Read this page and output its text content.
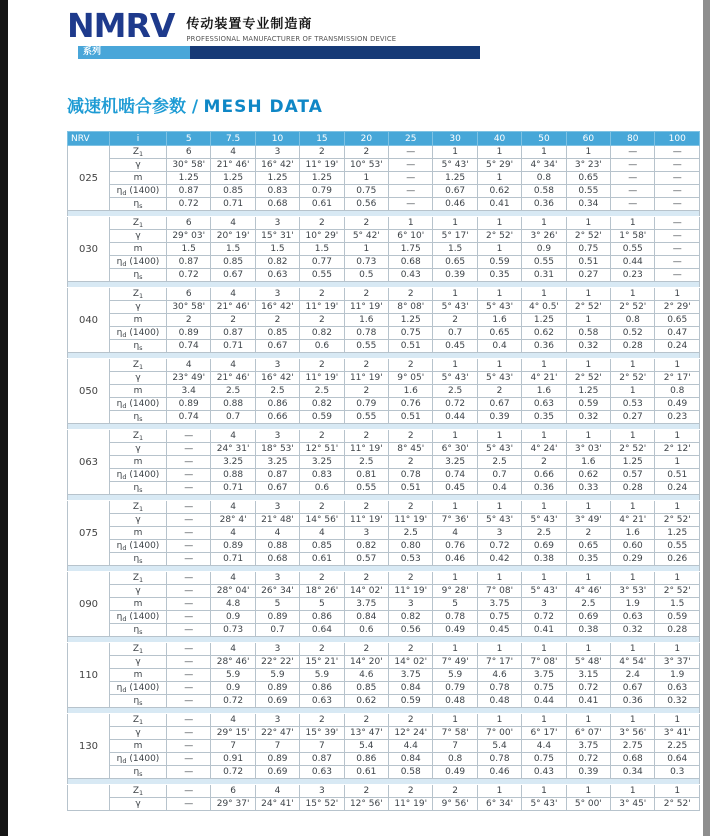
NMRV 传动装置专业制造商
PROFESSIONAL MANUFACTURER OF TRANSMISSION DEVICE
系列
减速机啮合参数 / MESH DATA
NRV	i	5	7.5	10	15	20	25	30	40	50	60	80	100
025	$Z_1$	6	4	3	2	2	—	1	1	1	1	—	—
	γ	30° 58'	21° 46'	16° 42'	11° 19'	10° 53'	—	5° 43'	5° 29'	4° 34'	3° 23'	—	—
	m	1.25	1.25	1.25	1.25	1	—	1.25	1	0.8	0.65	—	—
	$\eta_d$ (1400)	0.87	0.85	0.83	0.79	0.75	—	0.67	0.62	0.58	0.55	—	—
	$\eta_s$	0.72	0.71	0.68	0.61	0.56	—	0.46	0.41	0.36	0.34	—	—

030	$Z_1$	6	4	3	2	2	1	1	1	1	1	1	—
	γ	29° 03'	20° 19'	15° 31'	10° 29'	5° 42'	6° 10'	5° 17'	2° 52'	3° 26'	2° 52'	1° 58'	—
	m	1.5	1.5	1.5	1.5	1	1.75	1.5	1	0.9	0.75	0.55	—
	$\eta_d$ (1400)	0.87	0.85	0.82	0.77	0.73	0.68	0.65	0.59	0.55	0.51	0.44	—
	$\eta_s$	0.72	0.67	0.63	0.55	0.5	0.43	0.39	0.35	0.31	0.27	0.23	—

040	$Z_1$	6	4	3	2	2	2	1	1	1	1	1	1
	γ	30° 58'	21° 46'	16° 42'	11° 19'	11° 19'	8° 08'	5° 43'	5° 43'	4° 0.5'	2° 52'	2° 52'	2° 29'
	m	2	2	2	2	1.6	1.25	2	1.6	1.25	1	0.8	0.65
	$\eta_d$ (1400)	0.89	0.87	0.85	0.82	0.78	0.75	0.7	0.65	0.62	0.58	0.52	0.47
	$\eta_s$	0.74	0.71	0.67	0.6	0.55	0.51	0.45	0.4	0.36	0.32	0.28	0.24

050	$Z_1$	4	4	3	2	2	2	1	1	1	1	1	1
	γ	23° 49'	21° 46'	16° 42'	11° 19'	11° 19'	9° 05'	5° 43'	5° 43'	4° 21'	2° 52'	2° 52'	2° 17'
	m	3.4	2.5	2.5	2.5	2	1.6	2.5	2	1.6	1.25	1	0.8
	$\eta_d$ (1400)	0.89	0.88	0.86	0.82	0.79	0.76	0.72	0.67	0.63	0.59	0.53	0.49
	$\eta_s$	0.74	0.7	0.66	0.59	0.55	0.51	0.44	0.39	0.35	0.32	0.27	0.23

063	$Z_1$	—	4	3	2	2	2	1	1	1	1	1	1
	γ	—	24° 31'	18° 53'	12° 51'	11° 19'	8° 45'	6° 30'	5° 43'	4° 24'	3° 03'	2° 52'	2° 12'
	m	—	3.25	3.25	3.25	2.5	2	3.25	2.5	2	1.6	1.25	1
	$\eta_d$ (1400)	—	0.88	0.87	0.83	0.81	0.78	0.74	0.7	0.66	0.62	0.57	0.51
	$\eta_s$	—	0.71	0.67	0.6	0.55	0.51	0.45	0.4	0.36	0.33	0.28	0.24

075	$Z_1$	—	4	3	2	2	2	1	1	1	1	1	1
	γ	—	28° 4'	21° 48'	14° 56'	11° 19'	11° 19'	7° 36'	5° 43'	5° 43'	3° 49'	4° 21'	2° 52'
	m	—	4	4	4	3	2.5	4	3	2.5	2	1.6	1.25
	$\eta_d$ (1400)	—	0.89	0.88	0.85	0.82	0.80	0.76	0.72	0.69	0.65	0.60	0.55
	$\eta_s$	—	0.71	0.68	0.61	0.57	0.53	0.46	0.42	0.38	0.35	0.29	0.26

090	$Z_1$	—	4	3	2	2	2	1	1	1	1	1	1
	γ	—	28° 04'	26° 34'	18° 26'	14° 02'	11° 19'	9° 28'	7° 08'	5° 43'	4° 46'	3° 53'	2° 52'
	m	—	4.8	5	5	3.75	3	5	3.75	3	2.5	1.9	1.5
	$\eta_d$ (1400)	—	0.9	0.89	0.86	0.84	0.82	0.78	0.75	0.72	0.69	0.63	0.59
	$\eta_s$	—	0.73	0.7	0.64	0.6	0.56	0.49	0.45	0.41	0.38	0.32	0.28

110	$Z_1$	—	4	3	2	2	2	1	1	1	1	1	1
	γ	—	28° 46'	22° 22'	15° 21'	14° 20'	14° 02'	7° 49'	7° 17'	7° 08'	5° 48'	4° 54'	3° 37'
	m	—	5.9	5.9	5.9	4.6	3.75	5.9	4.6	3.75	3.15	2.4	1.9
	$\eta_d$ (1400)	—	0.9	0.89	0.86	0.85	0.84	0.79	0.78	0.75	0.72	0.67	0.63
	$\eta_s$	—	0.72	0.69	0.63	0.62	0.59	0.48	0.48	0.44	0.41	0.36	0.32

130	$Z_1$	—	4	3	2	2	2	1	1	1	1	1	1
	γ	—	29° 15'	22° 47'	15° 39'	13° 47'	12° 24'	7° 58'	7° 00'	6° 17'	6° 07'	3° 56'	3° 41'
	m	—	7	7	7	5.4	4.4	7	5.4	4.4	3.75	2.75	2.25
	$\eta_d$ (1400)	—	0.91	0.89	0.87	0.86	0.84	0.8	0.78	0.75	0.72	0.68	0.64
	$\eta_s$	—	0.72	0.69	0.63	0.61	0.58	0.49	0.46	0.43	0.39	0.34	0.3

	$Z_1$	—	6	4	3	2	2	2	1	1	1	1	1
	γ	—	29° 37'	24° 41'	15° 52'	12° 56'	11° 19'	9° 56'	6° 34'	5° 43'	5° 00'	3° 45'	2° 52'
